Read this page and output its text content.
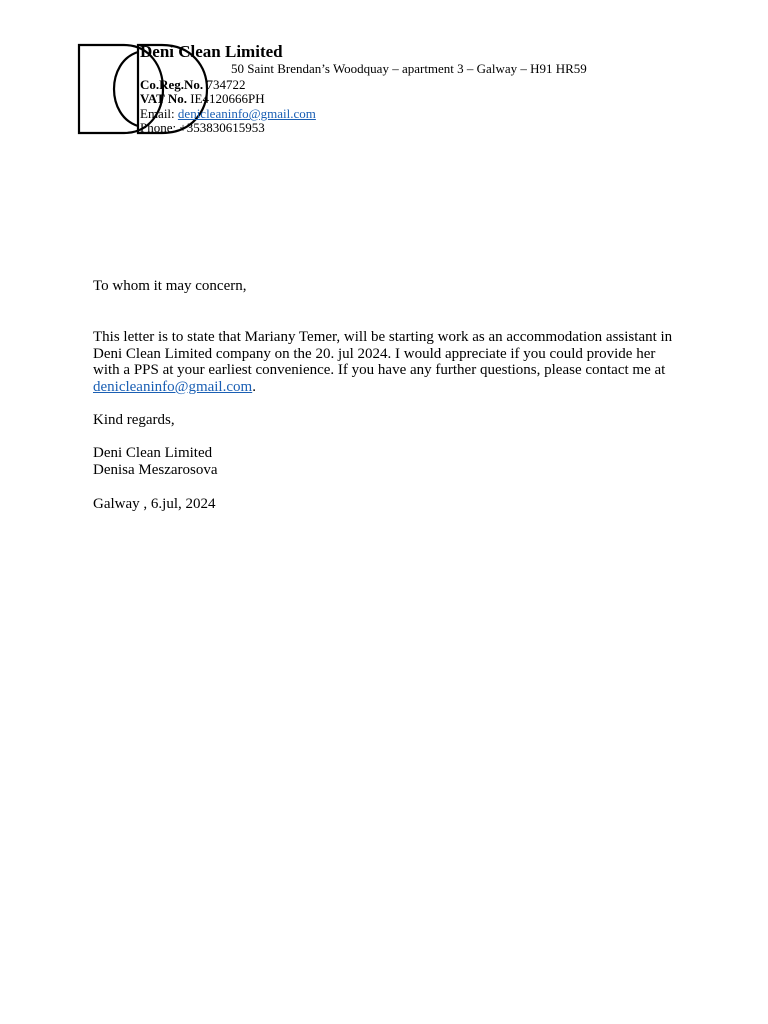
Deni Clean Limited
50 Saint Brendan’s Woodquay – apartment 3 – Galway – H91 HR59
Co.Reg.No. 734722
VAT No. IE4120666PH
Email: denicleaninfo@gmail.com
Phone: +353830615953
To whom it may concern,
This letter is to state that Mariany Temer, will be starting work as an accommodation assistant in Deni Clean Limited company on the 20. jul 2024. I would appreciate if you could provide her with a PPS at your earliest convenience. If you have any further questions, please contact me at denicleaninfo@gmail.com.
Kind regards,
Deni Clean Limited
Denisa Meszarosova
Galway , 6.jul, 2024
